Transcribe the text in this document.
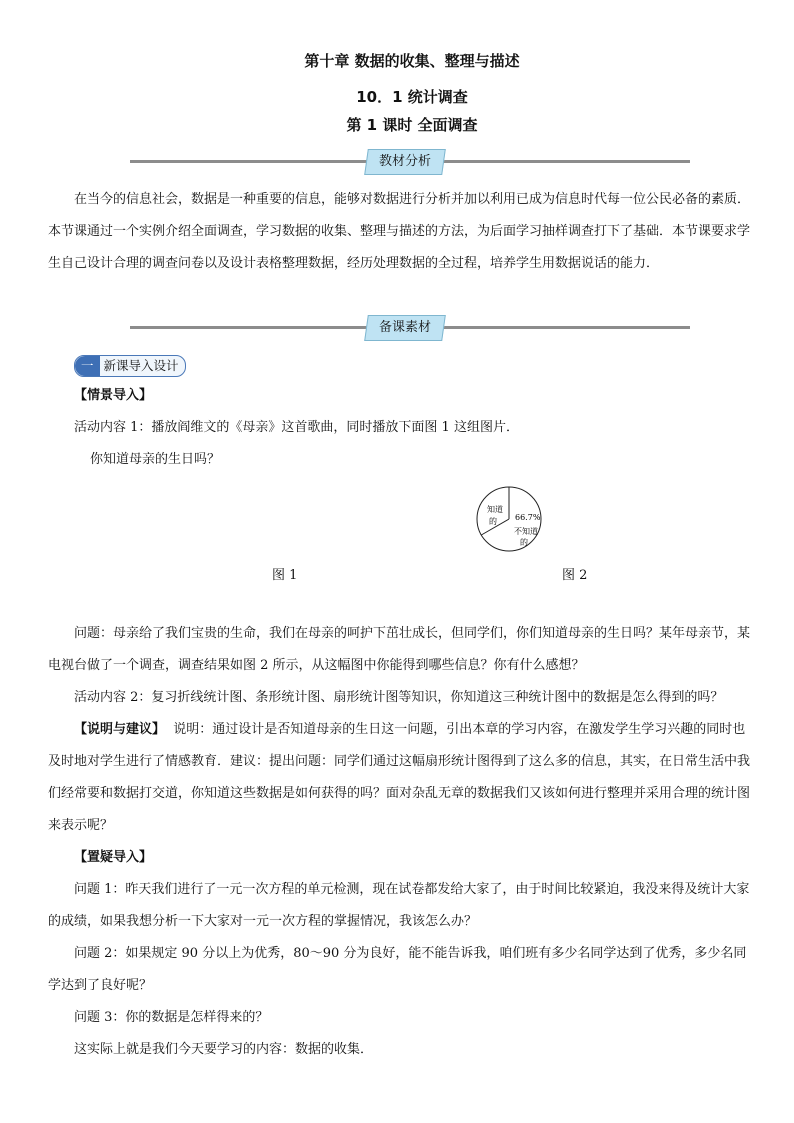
第十章 数据的收集、整理与描述
10．1 统计调查
第 1 课时 全面调查
教材分析

在当今的信息社会，数据是一种重要的信息，能够对数据进行分析并加以利用已成为信息时代每一位公民必备的素质．本节课通过一个实例介绍全面调查，学习数据的收集、整理与描述的方法，为后面学习抽样调查打下了基础．本节课要求学生自己设计合理的调查问卷以及设计表格整理数据，经历处理数据的全过程，培养学生用数据说话的能力．

备课素材
一 新课导入设计

【情景导入】

活动内容 1：播放阎维文的《母亲》这首歌曲，同时播放下面图 1 这组图片．

你知道母亲的生日吗？

知道
的 66.7%
不知道
的
图 1	图 2

问题：母亲给了我们宝贵的生命，我们在母亲的呵护下茁壮成长，但同学们，你们知道母亲的生日吗？某年母亲节，某电视台做了一个调查，调查结果如图 2 所示，从这幅图中你能得到哪些信息？你有什么感想？

活动内容 2：复习折线统计图、条形统计图、扇形统计图等知识，你知道这三种统计图中的数据是怎么得到的吗？

【说明与建议】 说明：通过设计是否知道母亲的生日这一问题，引出本章的学习内容，在激发学生学习兴趣的同时也及时地对学生进行了情感教育．建议：提出问题：同学们通过这幅扇形统计图得到了这么多的信息，其实，在日常生活中我们经常要和数据打交道，你知道这些数据是如何获得的吗？面对杂乱无章的数据我们又该如何进行整理并采用合理的统计图来表示呢？

【置疑导入】

问题 1：昨天我们进行了一元一次方程的单元检测，现在试卷都发给大家了，由于时间比较紧迫，我没来得及统计大家的成绩，如果我想分析一下大家对一元一次方程的掌握情况，我该怎么办？

问题 2：如果规定 90 分以上为优秀，80～90 分为良好，能不能告诉我，咱们班有多少名同学达到了优秀，多少名同学达到了良好呢？

问题 3：你的数据是怎样得来的？

这实际上就是我们今天要学习的内容：数据的收集．
